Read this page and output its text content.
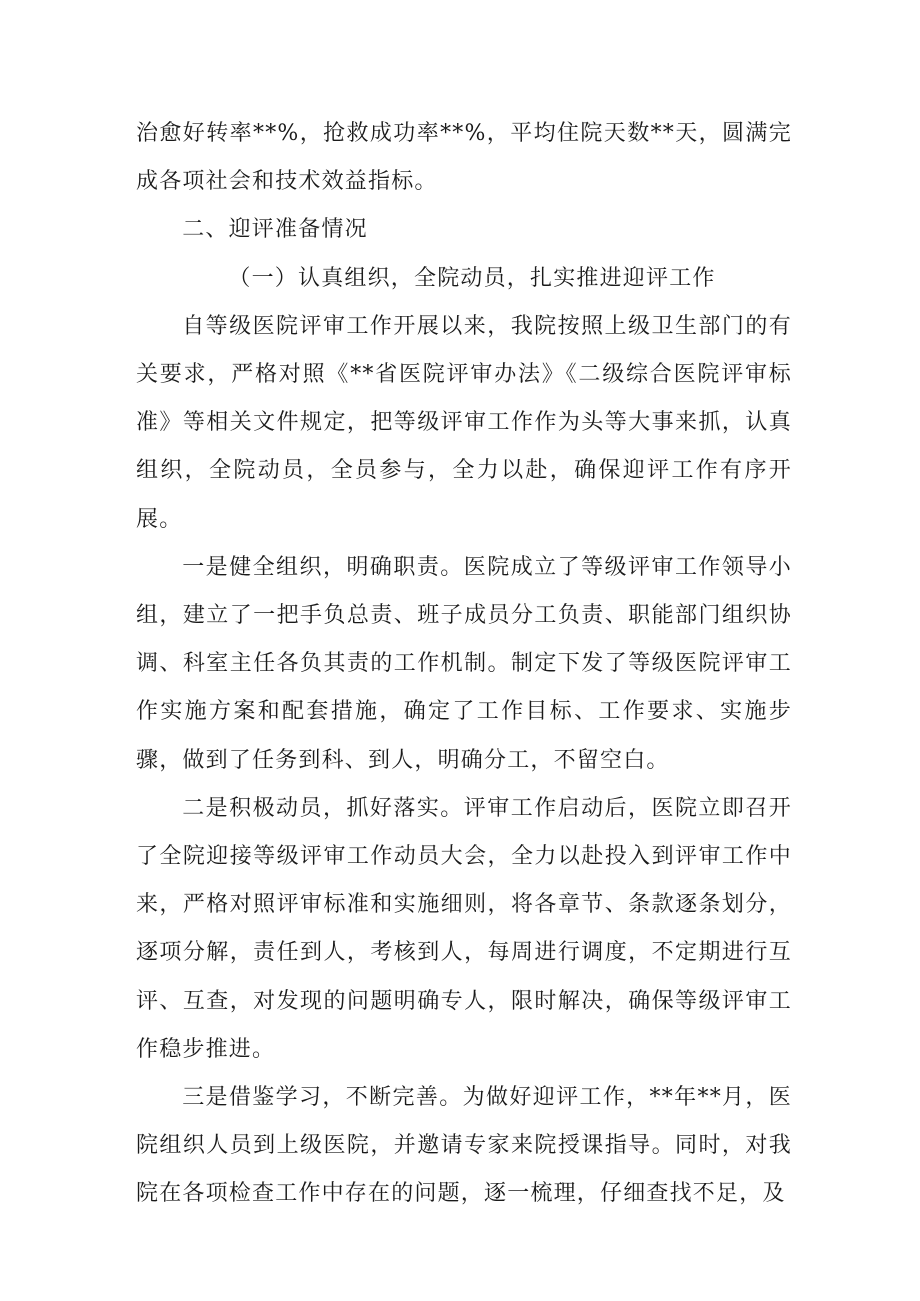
治愈好转率**%，抢救成功率**%，平均住院天数**天，圆满完成各项社会和技术效益指标。

二、迎评准备情况

（一）认真组织，全院动员，扎实推进迎评工作

自等级医院评审工作开展以来，我院按照上级卫生部门的有关要求，严格对照《**省医院评审办法》《二级综合医院评审标准》等相关文件规定，把等级评审工作作为头等大事来抓，认真组织，全院动员，全员参与，全力以赴，确保迎评工作有序开展。

一是健全组织，明确职责。医院成立了等级评审工作领导小组，建立了一把手负总责、班子成员分工负责、职能部门组织协调、科室主任各负其责的工作机制。制定下发了等级医院评审工作实施方案和配套措施，确定了工作目标、工作要求、实施步骤，做到了任务到科、到人，明确分工，不留空白。

二是积极动员，抓好落实。评审工作启动后，医院立即召开了全院迎接等级评审工作动员大会，全力以赴投入到评审工作中来，严格对照评审标准和实施细则，将各章节、条款逐条划分，逐项分解，责任到人，考核到人，每周进行调度，不定期进行互评、互查，对发现的问题明确专人，限时解决，确保等级评审工作稳步推进。

三是借鉴学习，不断完善。为做好迎评工作，**年**月，医院组织人员到上级医院，并邀请专家来院授课指导。同时，对我院在各项检查工作中存在的问题，逐一梳理，仔细查找不足，及
